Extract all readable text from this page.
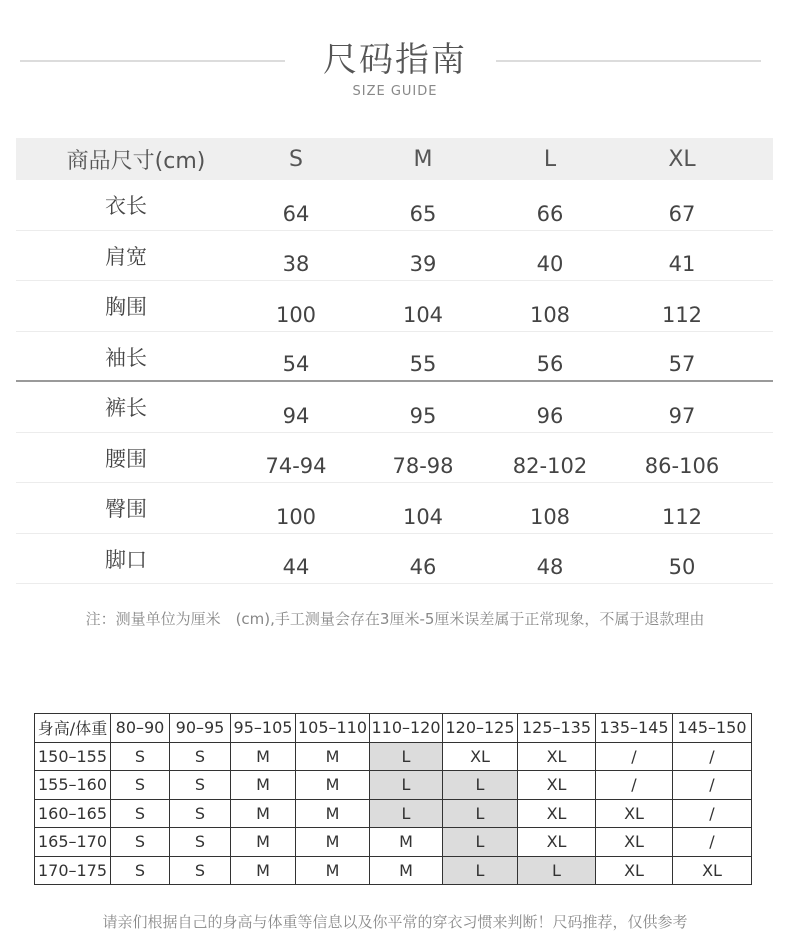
尺码指南
SIZE GUIDE
商品尺寸(cm)	S	M	L	XL
衣长	64	65	66	67
肩宽	38	39	40	41
胸围	100	104	108	112
袖长	54	55	56	57
裤长	94	95	96	97
腰围	74-94	78-98	82-102	86-106
臀围	100	104	108	112
脚口	44	46	48	50
注：测量单位为厘米　(cm),手工测量会存在3厘米-5厘米误差属于正常现象，不属于退款理由
身高/体重	80–90	90–95	95–105	105–110	110–120	120–125	125–135	135–145	145–150
150–155	S	S	M	M	L	XL	XL	/	/
155–160	S	S	M	M	L	L	XL	/	/
160–165	S	S	M	M	L	L	XL	XL	/
165–170	S	S	M	M	M	L	XL	XL	/
170–175	S	S	M	M	M	L	L	XL	XL
请亲们根据自己的身高与体重等信息以及你平常的穿衣习惯来判断！尺码推荐，仅供参考
